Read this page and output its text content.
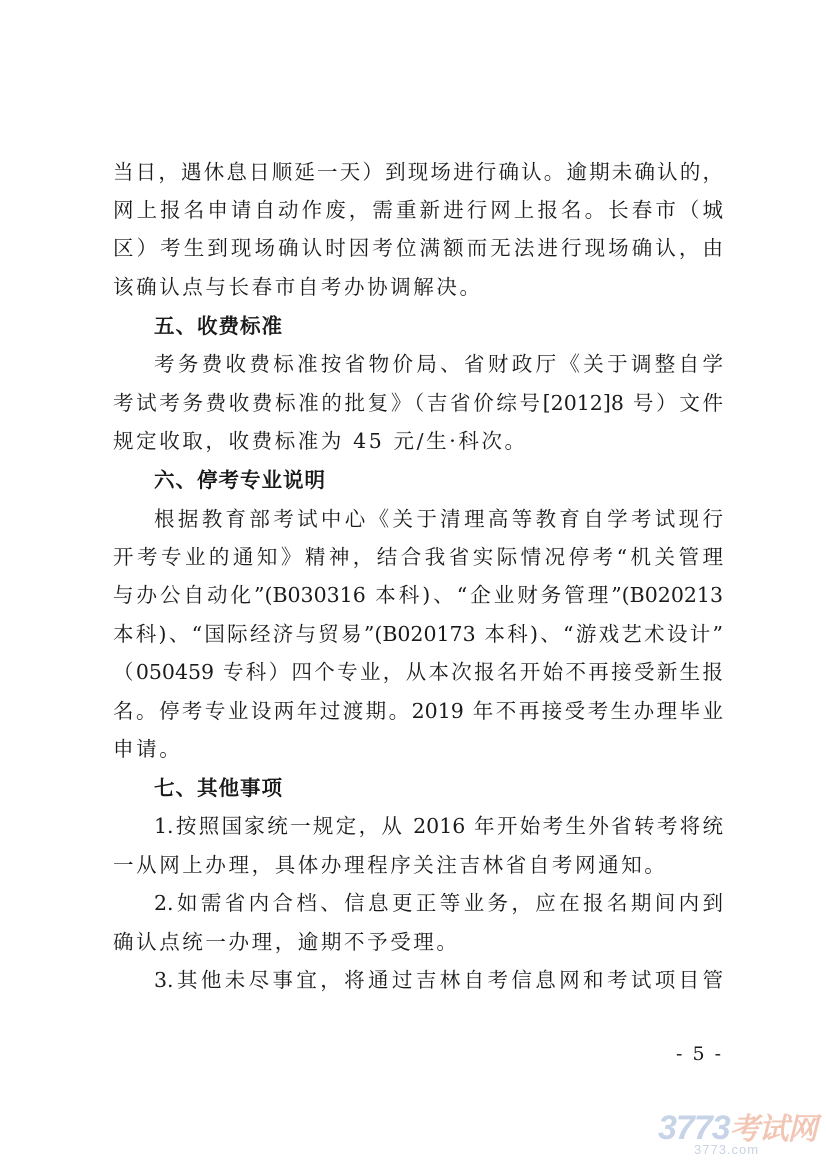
当日，遇休息日顺延一天）到现场进行确认。逾期未确认的，
网上报名申请自动作废，需重新进行网上报名。长春市（城
区）考生到现场确认时因考位满额而无法进行现场确认，由
该确认点与长春市自考办协调解决。
五、收费标准
考务费收费标准按省物价局、省财政厅《关于调整自学
考试考务费收费标准的批复》（吉省价综号[2012]8 号）文件
规定收取，收费标准为 45 元/生·科次。
六、停考专业说明
根据教育部考试中心《关于清理高等教育自学考试现行
开考专业的通知》精神，结合我省实际情况停考“机关管理
与办公自动化”(B030316 本科)、“企业财务管理”(B020213
本科)、“国际经济与贸易”(B020173 本科)、“游戏艺术设计”
（050459 专科）四个专业，从本次报名开始不再接受新生报
名。停考专业设两年过渡期。2019 年不再接受考生办理毕业
申请。
七、其他事项
1.按照国家统一规定，从 2016 年开始考生外省转考将统
一从网上办理，具体办理程序关注吉林省自考网通知。
2.如需省内合档、信息更正等业务，应在报名期间内到
确认点统一办理，逾期不予受理。
3.其他未尽事宜，将通过吉林自考信息网和考试项目管
- 5 -
3773考试网
3773.com
